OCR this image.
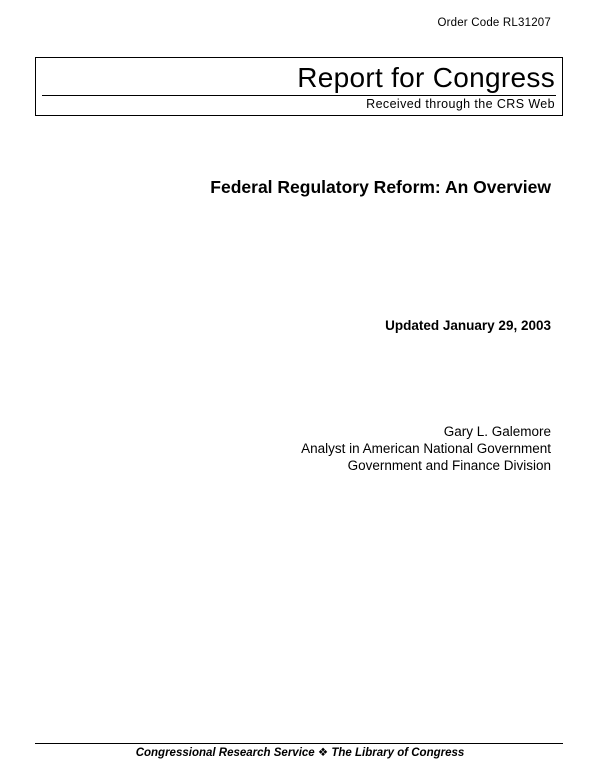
Order Code RL31207
Report for Congress
Received through the CRS Web
Federal Regulatory Reform: An Overview
Updated January 29, 2003
Gary L. Galemore
Analyst in American National Government
Government and Finance Division
Congressional Research Service ❖ The Library of Congress
